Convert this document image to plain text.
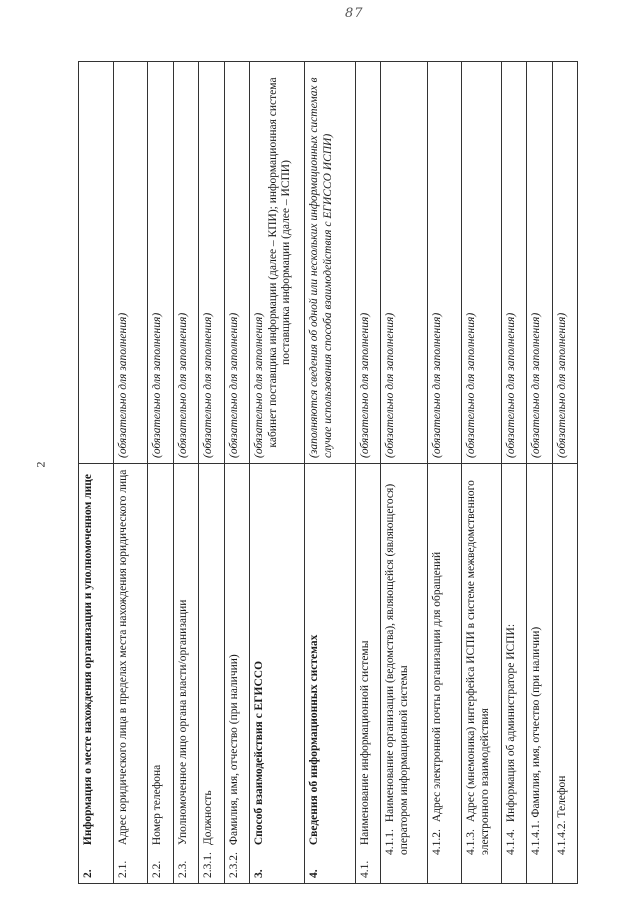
87
2
2. Информация о месте нахождения организации и уполномоченном лице	

2.1. Адрес юридического лица в пределах места нахождения юридического лица	(обязательно для заполнения)

2.2. Номер телефона	(обязательно для заполнения)

2.3. Уполномоченное лицо органа власти/организации	(обязательно для заполнения)

2.3.1. Должность	(обязательно для заполнения)

2.3.2. Фамилия, имя, отчество (при наличии)	(обязательно для заполнения)

3. Способ взаимодействия с ЕГИССО	(обязательно для заполнения) кабинет поставщика информации (далее – КПИ); информационная система поставщика информации (далее – ИСПИ)

4. Сведения об информационных системах	(заполняются сведения об одной или нескольких информационных системах в случае использования способа взаимодействия с ЕГИССО ИСПИ)

4.1. Наименование информационной системы	(обязательно для заполнения)

4.1.1. Наименование организации (ведомства), являющейся (являющегося) оператором информационной системы	(обязательно для заполнения)

4.1.2. Адрес электронной почты организации для обращений	(обязательно для заполнения)

4.1.3. Адрес (мнемоника) интерфейса ИСПИ в системе межведомственного электронного взаимодействия	(обязательно для заполнения)

4.1.4. Информация об администраторе ИСПИ:	(обязательно для заполнения)

4.1.4.1. Фамилия, имя, отчество (при наличии)	(обязательно для заполнения)

4.1.4.2. Телефон	(обязательно для заполнения)
